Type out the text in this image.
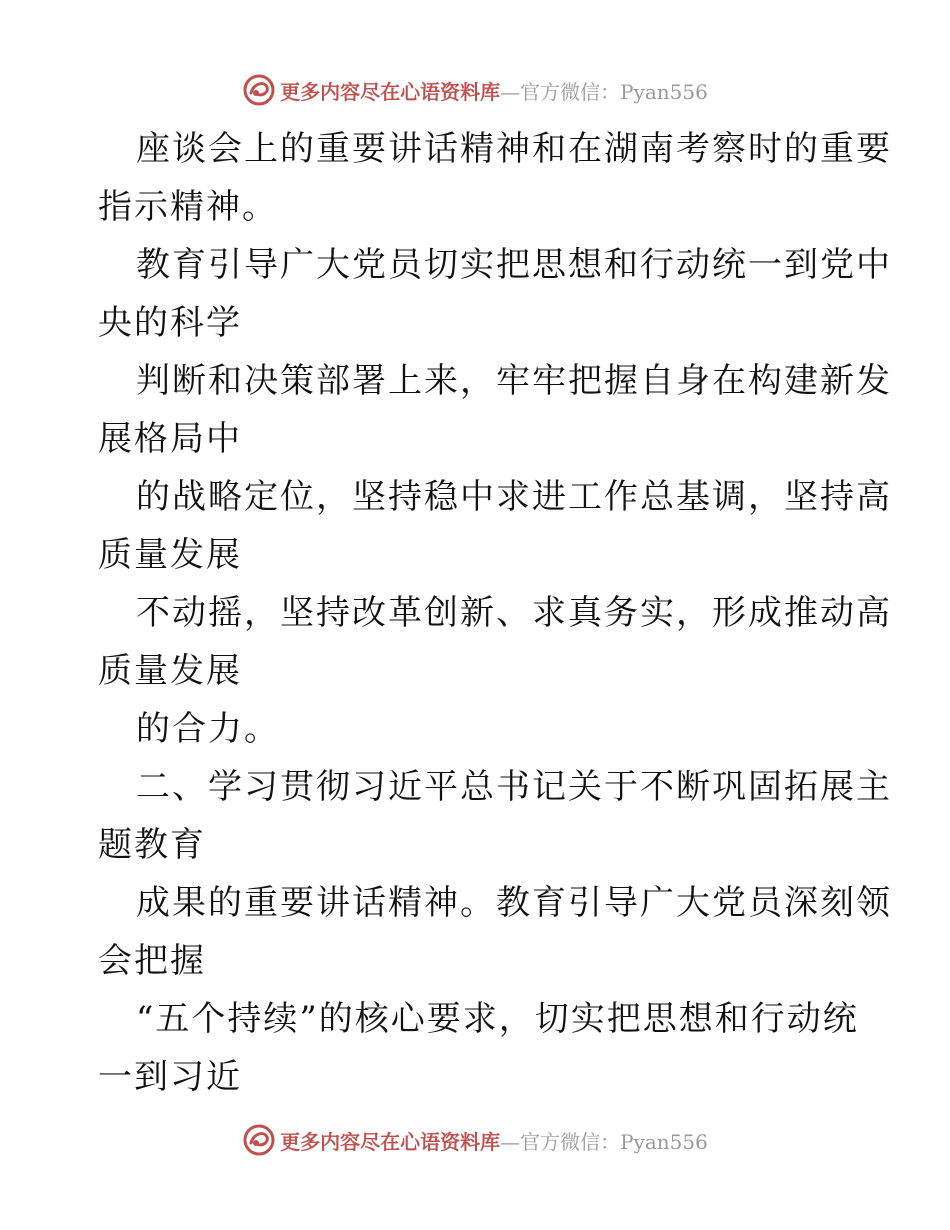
更多内容尽在心语资料库—官方微信：Pyan556
座谈会上的重要讲话精神和在湖南考察时的重要
指示精神。
教育引导广大党员切实把思想和行动统一到党中
央的科学
判断和决策部署上来，牢牢把握自身在构建新发
展格局中
的战略定位，坚持稳中求进工作总基调，坚持高
质量发展
不动摇，坚持改革创新、求真务实，形成推动高
质量发展
的合力。
二、学习贯彻习近平总书记关于不断巩固拓展主
题教育
成果的重要讲话精神。教育引导广大党员深刻领
会把握
“五个持续”的核心要求，切实把思想和行动统
一到习近
更多内容尽在心语资料库—官方微信：Pyan556
